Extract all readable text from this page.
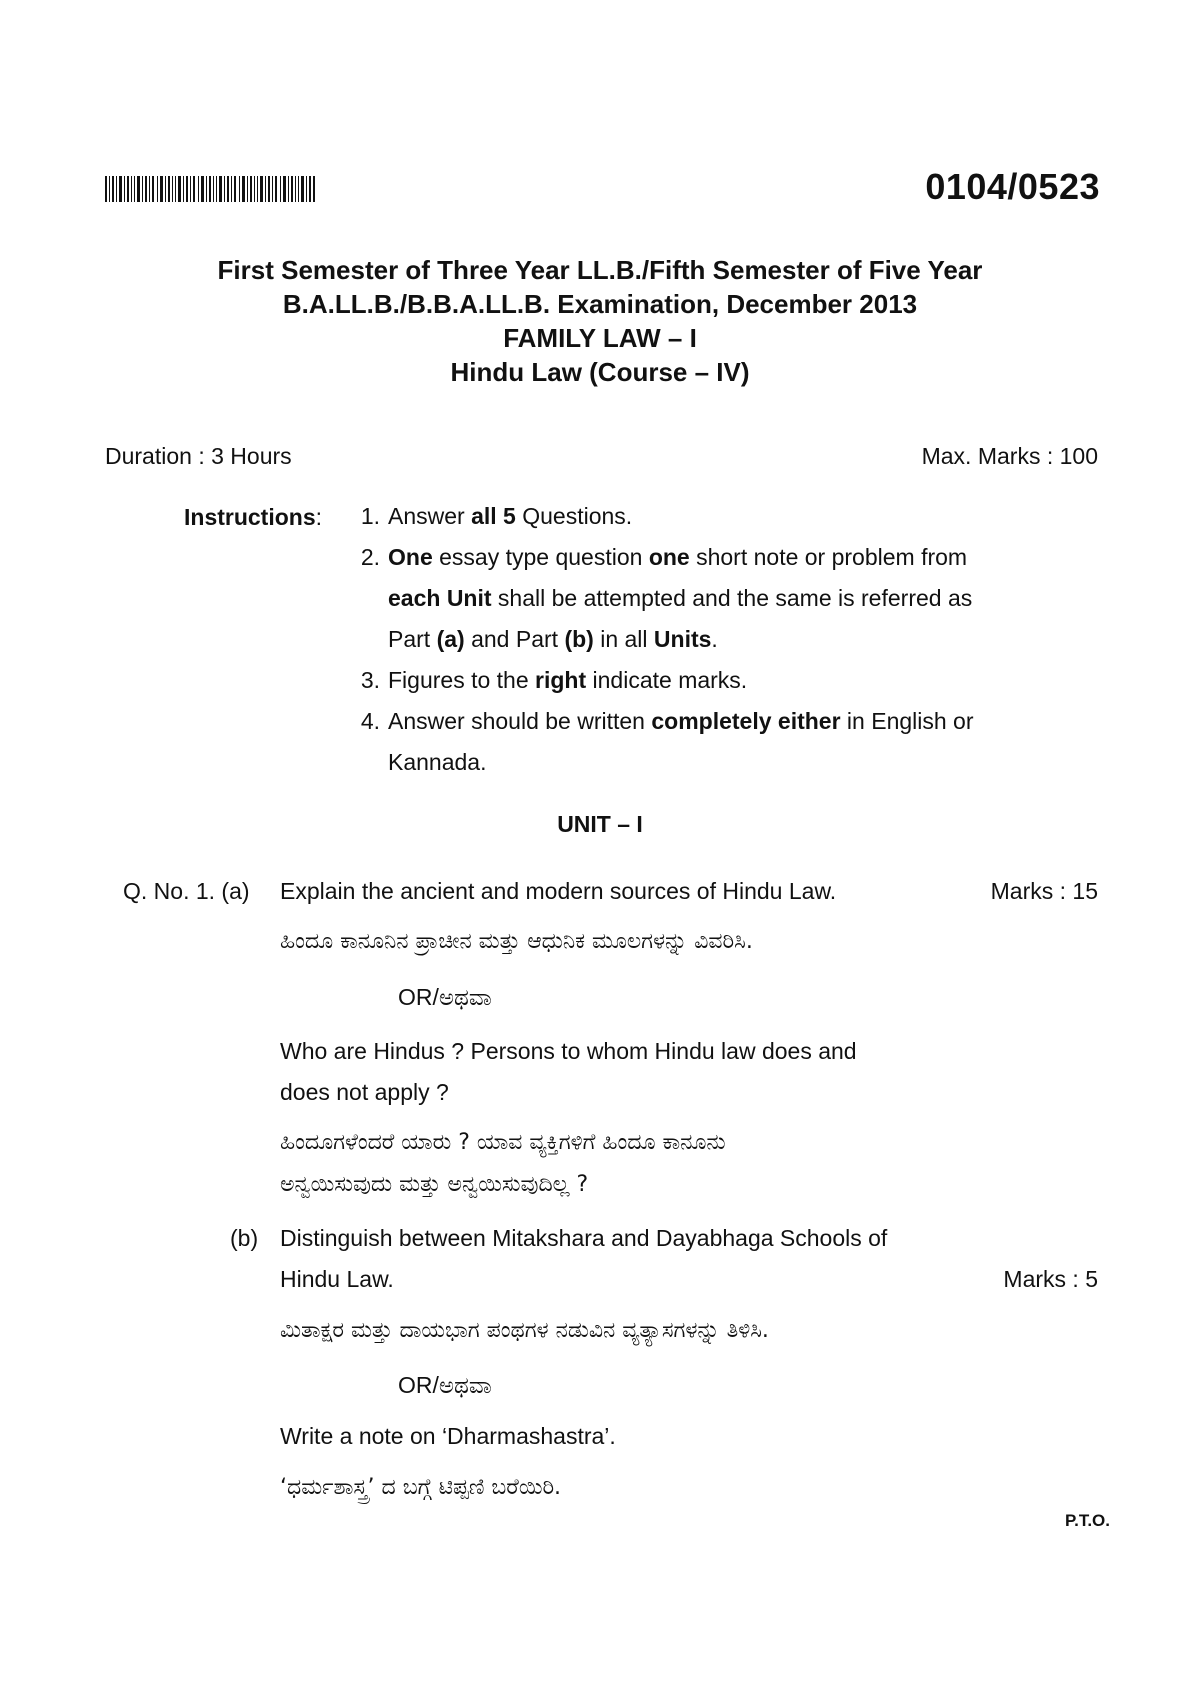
0104/0523
First Semester of Three Year LL.B./Fifth Semester of Five Year
B.A.LL.B./B.B.A.LL.B. Examination, December 2013
FAMILY LAW – I
Hindu Law (Course – IV)
Duration : 3 Hours	Max. Marks : 100
Instructions:	1. Answer all 5 Questions.
2. One essay type question one short note or problem from
each Unit shall be attempted and the same is referred as
Part (a) and Part (b) in all Units.
3. Figures to the right indicate marks.
4. Answer should be written completely either in English or
Kannada.
UNIT – I
Q. No. 1. (a) Explain the ancient and modern sources of Hindu Law.	Marks : 15
ಹಿಂದೂ ಕಾನೂನಿನ ಪ್ರಾಚೀನ ಮತ್ತು ಆಧುನಿಕ ಮೂಲಗಳನ್ನು ವಿವರಿಸಿ.
OR/ಅಥವಾ
Who are Hindus ? Persons to whom Hindu law does and
does not apply ?
ಹಿಂದೂಗಳೆಂದರೆ ಯಾರು ? ಯಾವ ವ್ಯಕ್ತಿಗಳಿಗೆ ಹಿಂದೂ ಕಾನೂನು
ಅನ್ವಯಿಸುವುದು ಮತ್ತು ಅನ್ವಯಿಸುವುದಿಲ್ಲ ?
(b) Distinguish between Mitakshara and Dayabhaga Schools of
Hindu Law.	Marks : 5
ಮಿತಾಕ್ಷರ ಮತ್ತು ದಾಯಭಾಗ ಪಂಥಗಳ ನಡುವಿನ ವ್ಯತ್ಯಾಸಗಳನ್ನು ತಿಳಿಸಿ.
OR/ಅಥವಾ
Write a note on ‘Dharmashastra’.
‘ಧರ್ಮಶಾಸ್ತ್ರ’ ದ ಬಗ್ಗೆ ಟಿಪ್ಪಣಿ ಬರೆಯಿರಿ.
P.T.O.
